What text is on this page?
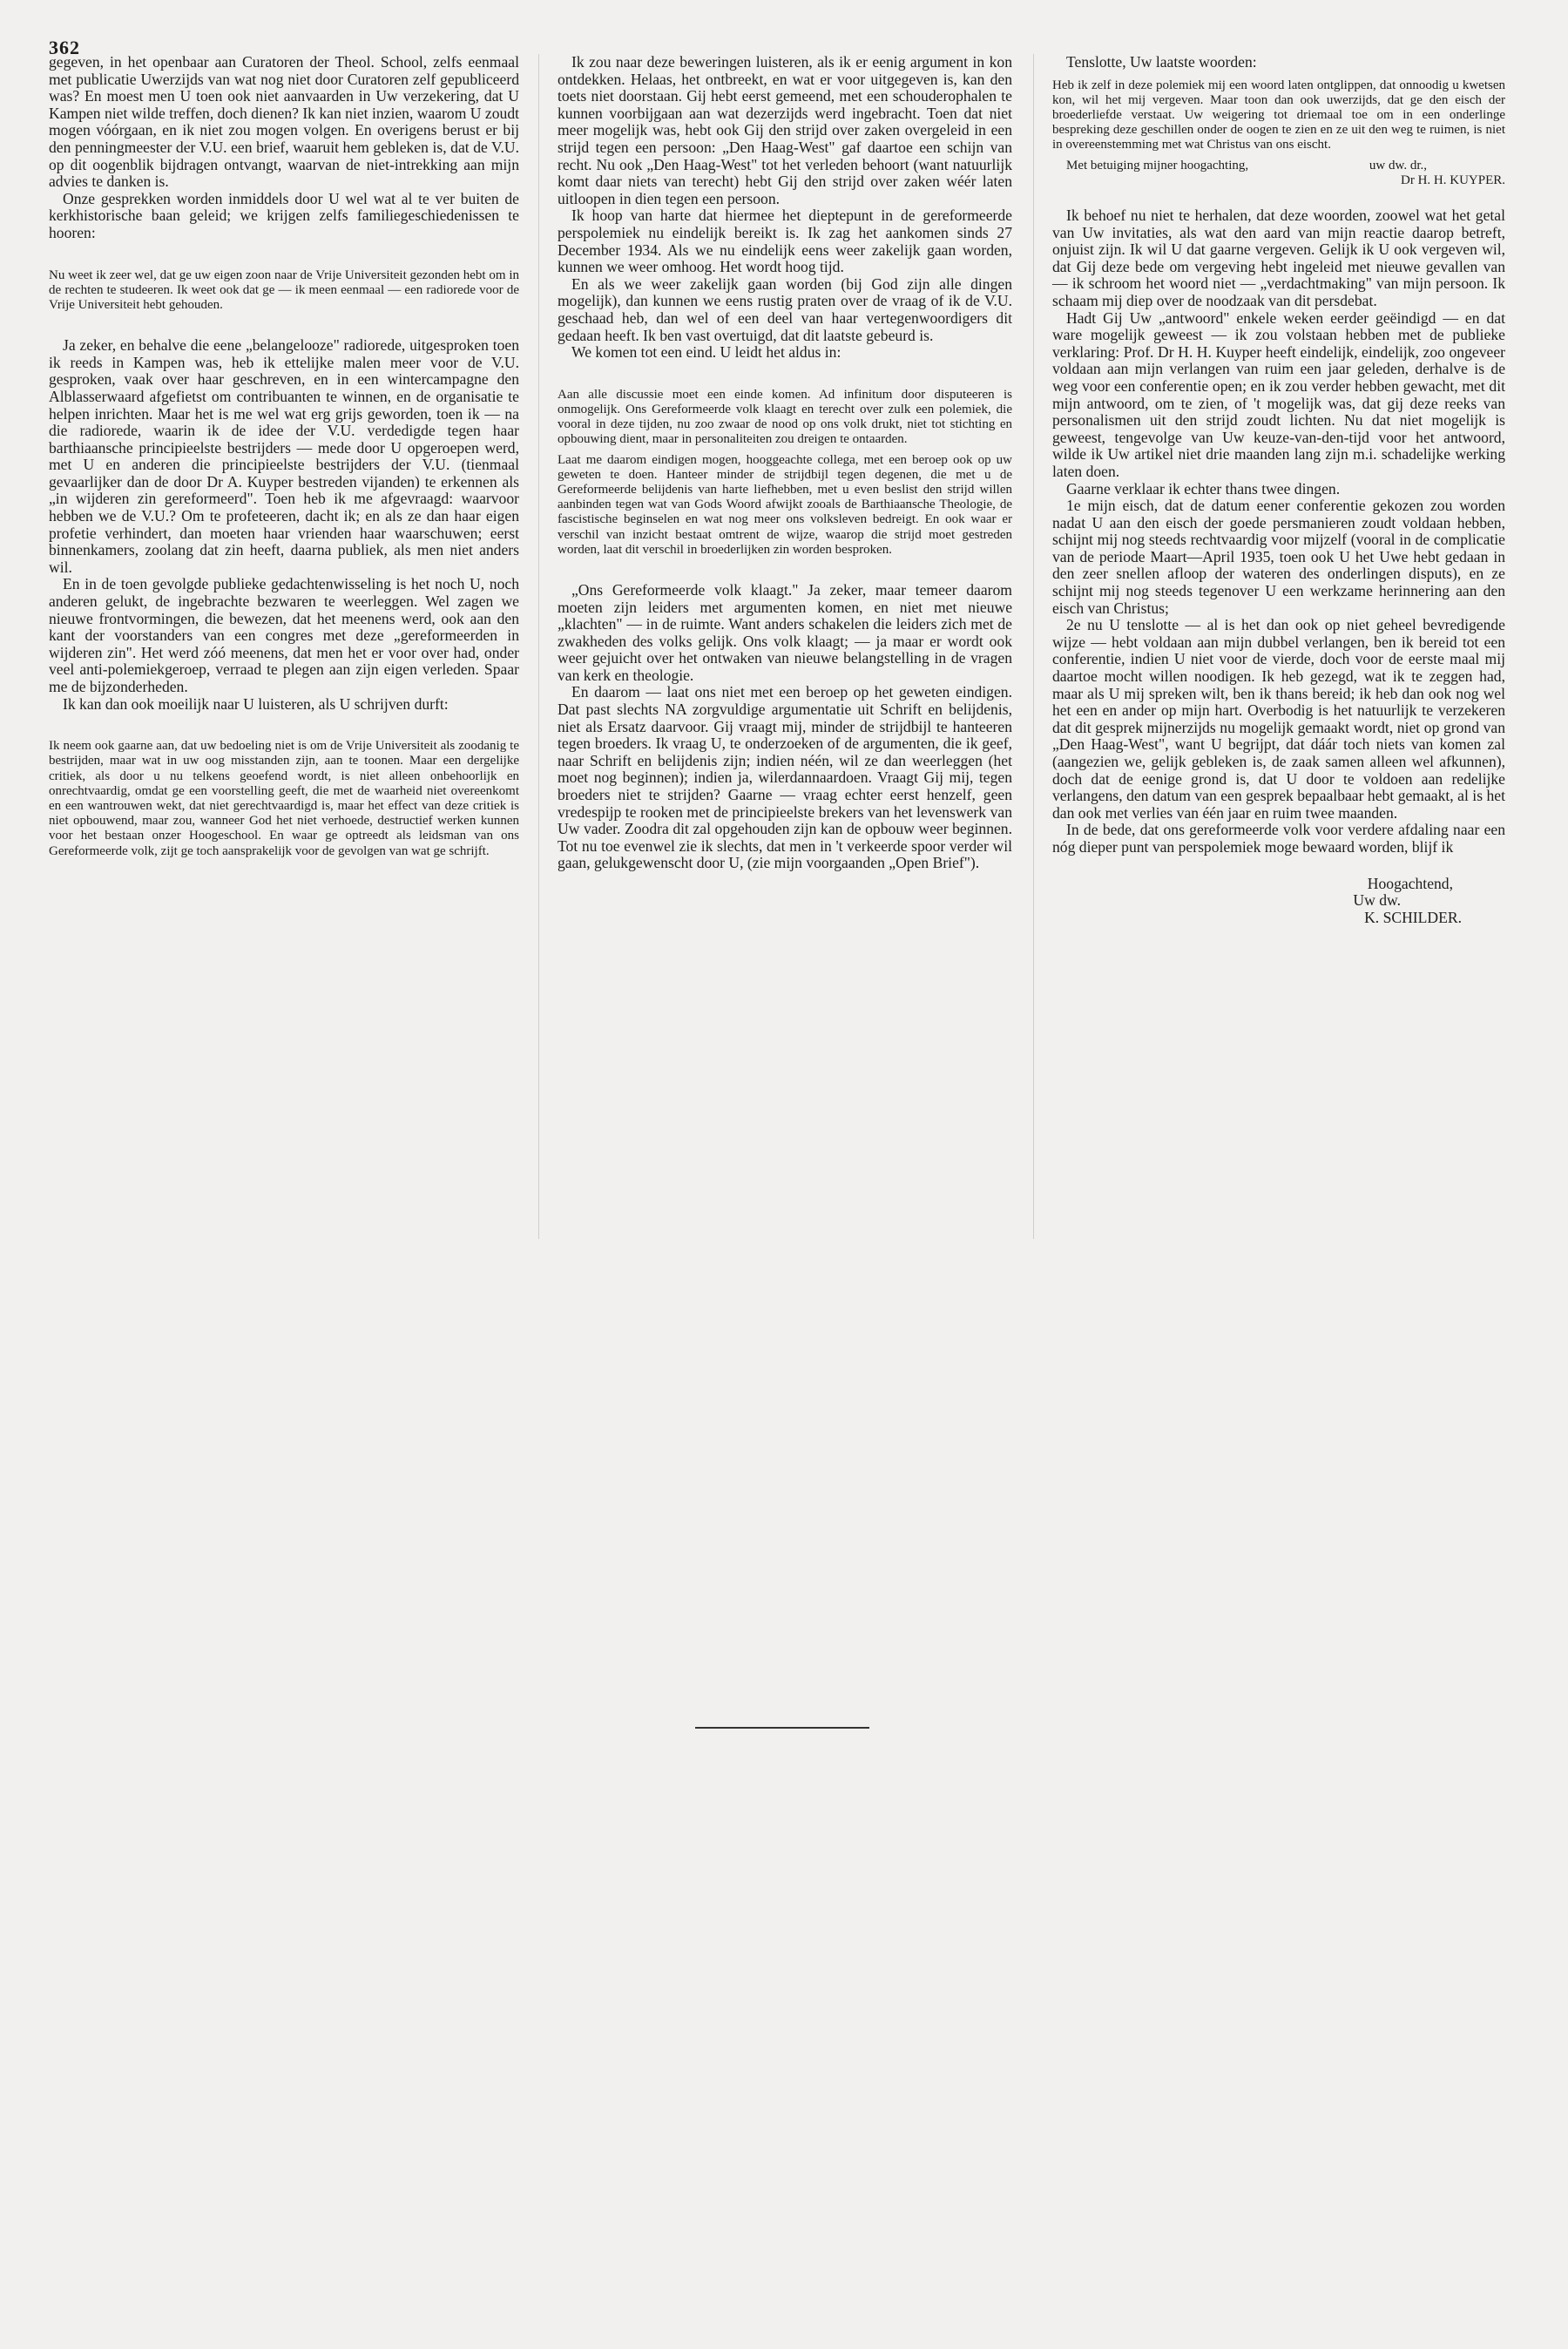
362

gegeven, in het openbaar aan Curatoren der Theol. School, zelfs eenmaal met publicatie Uwerzijds van wat nog niet door Curatoren zelf gepubliceerd was? En moest men U toen ook niet aanvaarden in Uw verzekering, dat U Kampen niet wilde treffen, doch dienen? Ik kan niet inzien, waarom U zoudt mogen vóórgaan, en ik niet zou mogen volgen. En overigens berust er bij den penningmeester der V.U. een brief, waaruit hem gebleken is, dat de V.U. op dit oogenblik bijdragen ontvangt, waarvan de niet-intrekking aan mijn advies te danken is.

Onze gesprekken worden inmiddels door U wel wat al te ver buiten de kerkhistorische baan geleid; we krijgen zelfs familiegeschiedenissen te hooren:

Nu weet ik zeer wel, dat ge uw eigen zoon naar de Vrije Universiteit gezonden hebt om in de rechten te studeeren. Ik weet ook dat ge — ik meen eenmaal — een radiorede voor de Vrije Universiteit hebt gehouden.

Ja zeker, en behalve die eene „belangelooze" radiorede, uitgesproken toen ik reeds in Kampen was, heb ik ettelijke malen meer voor de V.U. gesproken, vaak over haar geschreven, en in een wintercampagne den Alblasserwaard afgefietst om contribuanten te winnen, en de organisatie te helpen inrichten. Maar het is me wel wat erg grijs geworden, toen ik — na die radiorede, waarin ik de idee der V.U. verdedigde tegen haar barthiaansche principieelste bestrijders — mede door U opgeroepen werd, met U en anderen die principieelste bestrijders der V.U. (tienmaal gevaarlijker dan de door Dr A. Kuyper bestreden vijanden) te erkennen als „in wijderen zin gereformeerd". Toen heb ik me afgevraagd: waarvoor hebben we de V.U.? Om te profeteeren, dacht ik; en als ze dan haar eigen profetie verhindert, dan moeten haar vrienden haar waarschuwen; eerst binnenkamers, zoolang dat zin heeft, daarna publiek, als men niet anders wil.

En in de toen gevolgde publieke gedachtenwisseling is het noch U, noch anderen gelukt, de ingebrachte bezwaren te weerleggen. Wel zagen we nieuwe frontvormingen, die bewezen, dat het meenens werd, ook aan den kant der voorstanders van een congres met deze „gereformeerden in wijderen zin". Het werd zóó meenens, dat men het er voor over had, onder veel anti-polemiekgeroep, verraad te plegen aan zijn eigen verleden. Spaar me de bijzonderheden.

Ik kan dan ook moeilijk naar U luisteren, als U schrijven durft:

Ik neem ook gaarne aan, dat uw bedoeling niet is om de Vrije Universiteit als zoodanig te bestrijden, maar wat in uw oog misstanden zijn, aan te toonen. Maar een dergelijke critiek, als door u nu telkens geoefend wordt, is niet alleen onbehoorlijk en onrechtvaardig, omdat ge een voorstelling geeft, die met de waarheid niet overeenkomt en een wantrouwen wekt, dat niet gerechtvaardigd is, maar het effect van deze critiek is niet opbouwend, maar zou, wanneer God het niet verhoede, destructief werken kunnen voor het bestaan onzer Hoogeschool. En waar ge optreedt als leidsman van ons Gereformeerde volk, zijt ge toch aansprakelijk voor de gevolgen van wat ge schrijft.

Ik zou naar deze beweringen luisteren, als ik er eenig argument in kon ontdekken. Helaas, het ontbreekt, en wat er voor uitgegeven is, kan den toets niet doorstaan. Gij hebt eerst gemeend, met een schouderophalen te kunnen voorbijgaan aan wat dezerzijds werd ingebracht. Toen dat niet meer mogelijk was, hebt ook Gij den strijd over zaken overgeleid in een strijd tegen een persoon: „Den Haag-West" gaf daartoe een schijn van recht. Nu ook „Den Haag-West" tot het verleden behoort (want natuurlijk komt daar niets van terecht) hebt Gij den strijd over zaken wéér laten uitloopen in dien tegen een persoon.

Ik hoop van harte dat hiermee het dieptepunt in de gereformeerde perspolemiek nu eindelijk bereikt is. Ik zag het aankomen sinds 27 December 1934. Als we nu eindelijk eens weer zakelijk gaan worden, kunnen we weer omhoog. Het wordt hoog tijd.

En als we weer zakelijk gaan worden (bij God zijn alle dingen mogelijk), dan kunnen we eens rustig praten over de vraag of ik de V.U. geschaad heb, dan wel of een deel van haar vertegenwoordigers dit gedaan heeft. Ik ben vast overtuigd, dat dit laatste gebeurd is.

We komen tot een eind. U leidt het aldus in:

Aan alle discussie moet een einde komen. Ad infinitum door disputeeren is onmogelijk. Ons Gereformeerde volk klaagt en terecht over zulk een polemiek, die vooral in deze tijden, nu zoo zwaar de nood op ons volk drukt, niet tot stichting en opbouwing dient, maar in personaliteiten zou dreigen te ontaarden.

Laat me daarom eindigen mogen, hooggeachte collega, met een beroep ook op uw geweten te doen. Hanteer minder de strijdbijl tegen degenen, die met u de Gereformeerde belijdenis van harte liefhebben, met u even beslist den strijd willen aanbinden tegen wat van Gods Woord afwijkt zooals de Barthiaansche Theologie, de fascistische beginselen en wat nog meer ons volksleven bedreigt. En ook waar er verschil van inzicht bestaat omtrent de wijze, waarop die strijd moet gestreden worden, laat dit verschil in broederlijken zin worden besproken.

„Ons Gereformeerde volk klaagt." Ja zeker, maar temeer daarom moeten zijn leiders met argumenten komen, en niet met nieuwe „klachten" — in de ruimte. Want anders schakelen die leiders zich met de zwakheden des volks gelijk. Ons volk klaagt; — ja maar er wordt ook weer gejuicht over het ontwaken van nieuwe belangstelling in de vragen van kerk en theologie.

En daarom — laat ons niet met een beroep op het geweten eindigen. Dat past slechts NA zorgvuldige argumentatie uit Schrift en belijdenis, niet als Ersatz daarvoor. Gij vraagt mij, minder de strijdbijl te hanteeren tegen broeders. Ik vraag U, te onderzoeken of de argumenten, die ik geef, naar Schrift en belijdenis zijn; indien néén, wil ze dan weerleggen (het moet nog beginnen); indien ja, wilerdannaardoen. Vraagt Gij mij, tegen broeders niet te strijden? Gaarne — vraag echter eerst henzelf, geen vredespijp te rooken met de principieelste brekers van het levenswerk van Uw vader. Zoodra dit zal opgehouden zijn kan de opbouw weer beginnen. Tot nu toe evenwel zie ik slechts, dat men in 't verkeerde spoor verder wil gaan, gelukgewenscht door U, (zie mijn voorgaanden „Open Brief").

Tenslotte, Uw laatste woorden:

Heb ik zelf in deze polemiek mij een woord laten ontglippen, dat onnoodig u kwetsen kon, wil het mij vergeven. Maar toon dan ook uwerzijds, dat ge den eisch der broederliefde verstaat. Uw weigering tot driemaal toe om in een onderlinge bespreking deze geschillen onder de oogen te zien en ze uit den weg te ruimen, is niet in overeenstemming met wat Christus van ons eischt.

Met betuiging mijner hoogachting,	uw dw. dr.,

Dr H. H. KUYPER.

Ik behoef nu niet te herhalen, dat deze woorden, zoowel wat het getal van Uw invitaties, als wat den aard van mijn reactie daarop betreft, onjuist zijn. Ik wil U dat gaarne vergeven. Gelijk ik U ook vergeven wil, dat Gij deze bede om vergeving hebt ingeleid met nieuwe gevallen van — ik schroom het woord niet — „verdachtmaking" van mijn persoon. Ik schaam mij diep over de noodzaak van dit persdebat.

Hadt Gij Uw „antwoord" enkele weken eerder geëindigd — en dat ware mogelijk geweest — ik zou volstaan hebben met de publieke verklaring: Prof. Dr H. H. Kuyper heeft eindelijk, eindelijk, zoo ongeveer voldaan aan mijn verlangen van ruim een jaar geleden, derhalve is de weg voor een conferentie open; en ik zou verder hebben gewacht, met dit mijn antwoord, om te zien, of 't mogelijk was, dat gij deze reeks van personalismen uit den strijd zoudt lichten. Nu dat niet mogelijk is geweest, tengevolge van Uw keuze-van-den-tijd voor het antwoord, wilde ik Uw artikel niet drie maanden lang zijn m.i. schadelijke werking laten doen.

Gaarne verklaar ik echter thans twee dingen.

1e mijn eisch, dat de datum eener conferentie gekozen zou worden nadat U aan den eisch der goede persmanieren zoudt voldaan hebben, schijnt mij nog steeds rechtvaardig voor mijzelf (vooral in de complicatie van de periode Maart—April 1935, toen ook U het Uwe hebt gedaan in den zeer snellen afloop der wateren des onderlingen disputs), en ze schijnt mij nog steeds tegenover U een werkzame herinnering aan den eisch van Christus;

2e nu U tenslotte — al is het dan ook op niet geheel bevredigende wijze — hebt voldaan aan mijn dubbel verlangen, ben ik bereid tot een conferentie, indien U niet voor de vierde, doch voor de eerste maal mij daartoe mocht willen noodigen. Ik heb gezegd, wat ik te zeggen had, maar als U mij spreken wilt, ben ik thans bereid; ik heb dan ook nog wel het een en ander op mijn hart. Overbodig is het natuurlijk te verzekeren dat dit gesprek mijnerzijds nu mogelijk gemaakt wordt, niet op grond van „Den Haag-West", want U begrijpt, dat dáár toch niets van komen zal (aangezien we, gelijk gebleken is, de zaak samen alleen wel afkunnen), doch dat de eenige grond is, dat U door te voldoen aan redelijke verlangens, den datum van een gesprek bepaalbaar hebt gemaakt, al is het dan ook met verlies van één jaar en ruim twee maanden.

In de bede, dat ons gereformeerde volk voor verdere afdaling naar een nóg dieper punt van perspolemiek moge bewaard worden, blijf ik

Hoogachtend,

Uw dw.

K. SCHILDER.
